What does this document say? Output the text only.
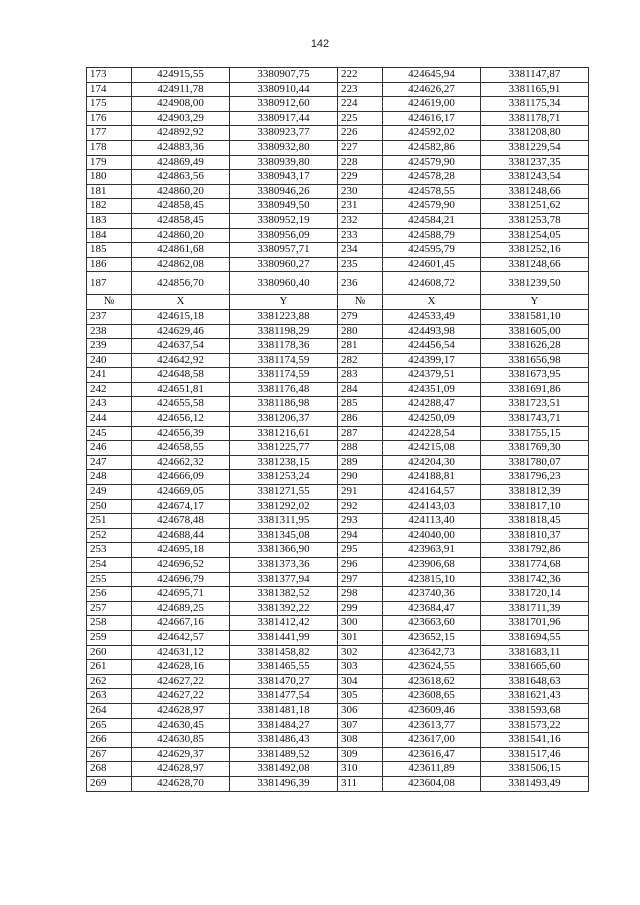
142
173	424915,55	3380907,75	222	424645,94	3381147,87
174	424911,78	3380910,44	223	424626,27	3381165,91
175	424908,00	3380912,60	224	424619,00	3381175,34
176	424903,29	3380917,44	225	424616,17	3381178,71
177	424892,92	3380923,77	226	424592,02	3381208,80
178	424883,36	3380932,80	227	424582,86	3381229,54
179	424869,49	3380939,80	228	424579,90	3381237,35
180	424863,56	3380943,17	229	424578,28	3381243,54
181	424860,20	3380946,26	230	424578,55	3381248,66
182	424858,45	3380949,50	231	424579,90	3381251,62
183	424858,45	3380952,19	232	424584,21	3381253,78
184	424860,20	3380956,09	233	424588,79	3381254,05
185	424861,68	3380957,71	234	424595,79	3381252,16
186	424862,08	3380960,27	235	424601,45	3381248,66
187	424856,70	3380960,40	236	424608,72	3381239,50
№	X	Y	№	X	Y
237	424615,18	3381223,88	279	424533,49	3381581,10
238	424629,46	3381198,29	280	424493,98	3381605,00
239	424637,54	3381178,36	281	424456,54	3381626,28
240	424642,92	3381174,59	282	424399,17	3381656,98
241	424648,58	3381174,59	283	424379,51	3381673,95
242	424651,81	3381176,48	284	424351,09	3381691,86
243	424655,58	3381186,98	285	424288,47	3381723,51
244	424656,12	3381206,37	286	424250,09	3381743,71
245	424656,39	3381216,61	287	424228,54	3381755,15
246	424658,55	3381225,77	288	424215,08	3381769,30
247	424662,32	3381238,15	289	424204,30	3381780,07
248	424666,09	3381253,24	290	424188,81	3381796,23
249	424669,05	3381271,55	291	424164,57	3381812,39
250	424674,17	3381292,02	292	424143,03	3381817,10
251	424678,48	3381311,95	293	424113,40	3381818,45
252	424688,44	3381345,08	294	424040,00	3381810,37
253	424695,18	3381366,90	295	423963,91	3381792,86
254	424696,52	3381373,36	296	423906,68	3381774,68
255	424696,79	3381377,94	297	423815,10	3381742,36
256	424695,71	3381382,52	298	423740,36	3381720,14
257	424689,25	3381392,22	299	423684,47	3381711,39
258	424667,16	3381412,42	300	423663,60	3381701,96
259	424642,57	3381441,99	301	423652,15	3381694,55
260	424631,12	3381458,82	302	423642,73	3381683,11
261	424628,16	3381465,55	303	423624,55	3381665,60
262	424627,22	3381470,27	304	423618,62	3381648,63
263	424627,22	3381477,54	305	423608,65	3381621,43
264	424628,97	3381481,18	306	423609,46	3381593,68
265	424630,45	3381484,27	307	423613,77	3381573,22
266	424630,85	3381486,43	308	423617,00	3381541,16
267	424629,37	3381489,52	309	423616,47	3381517,46
268	424628,97	3381492,08	310	423611,89	3381506,15
269	424628,70	3381496,39	311	423604,08	3381493,49
